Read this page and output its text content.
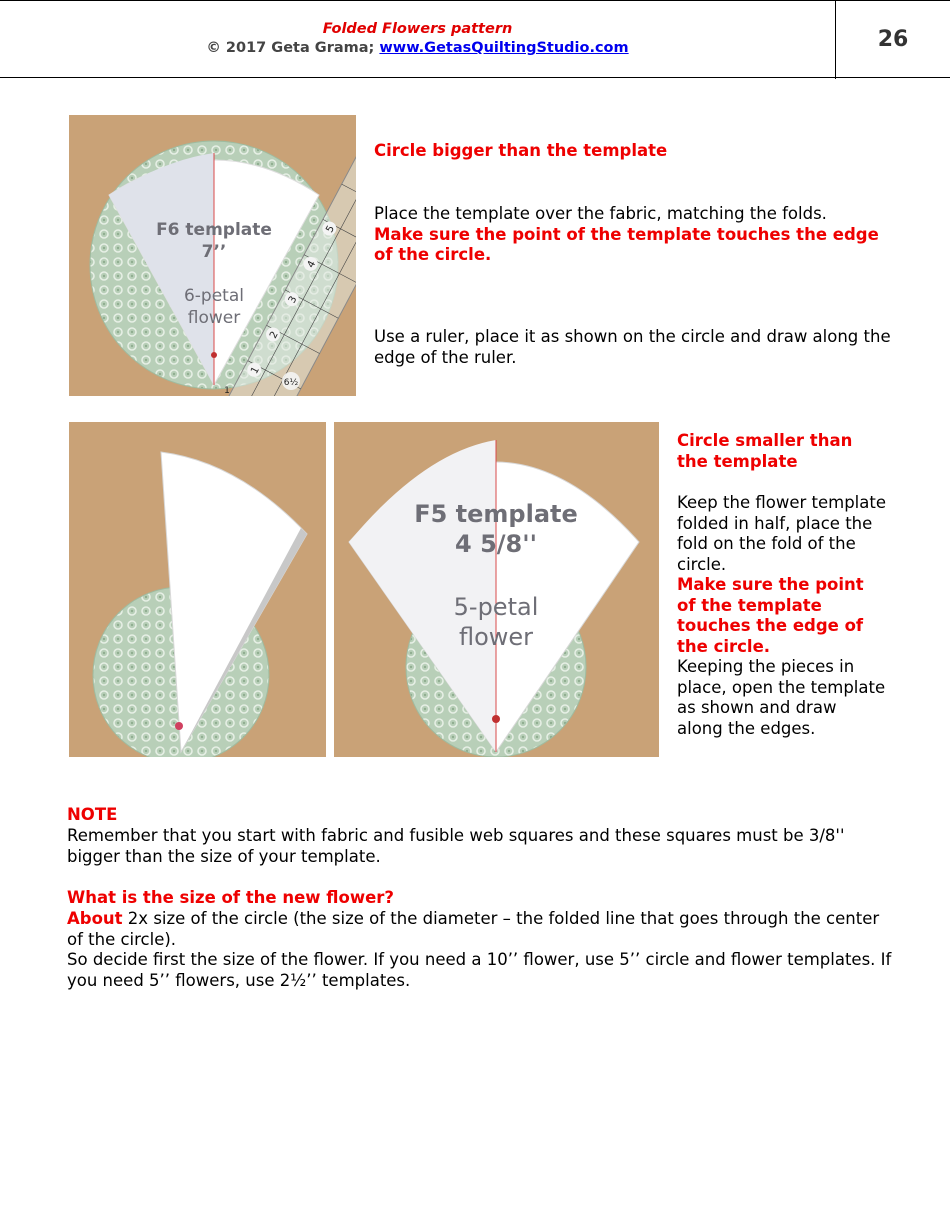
Folded Flowers pattern
© 2017 Geta Grama; www.GetasQuiltingStudio.com	26
1
2
3
4
5
6½
1
F6 template
7’’
6-petal
flower
Circle bigger than the template
Place the template over the fabric, matching the folds.
Make sure the point of the template touches the edge of the circle.
Use a ruler, place it as shown on the circle and draw along the edge of the ruler.
F5 template
4 5/8''
5-petal
flower
Circle smaller than the template
Keep the flower template folded in half, place the fold on the fold of the circle.
Make sure the point of the template touches the edge of the circle.
Keeping the pieces in place, open the template as shown and draw along the edges.
NOTE
Remember that you start with fabric and fusible web squares and these squares must be 3/8'' bigger than the size of your template.
What is the size of the new flower?
About 2x size of the circle (the size of the diameter – the folded line that goes through the center of the circle).
So decide first the size of the flower. If you need a 10’’ flower, use 5’’ circle and flower templates. If you need 5’’ flowers, use 2½’’ templates.
